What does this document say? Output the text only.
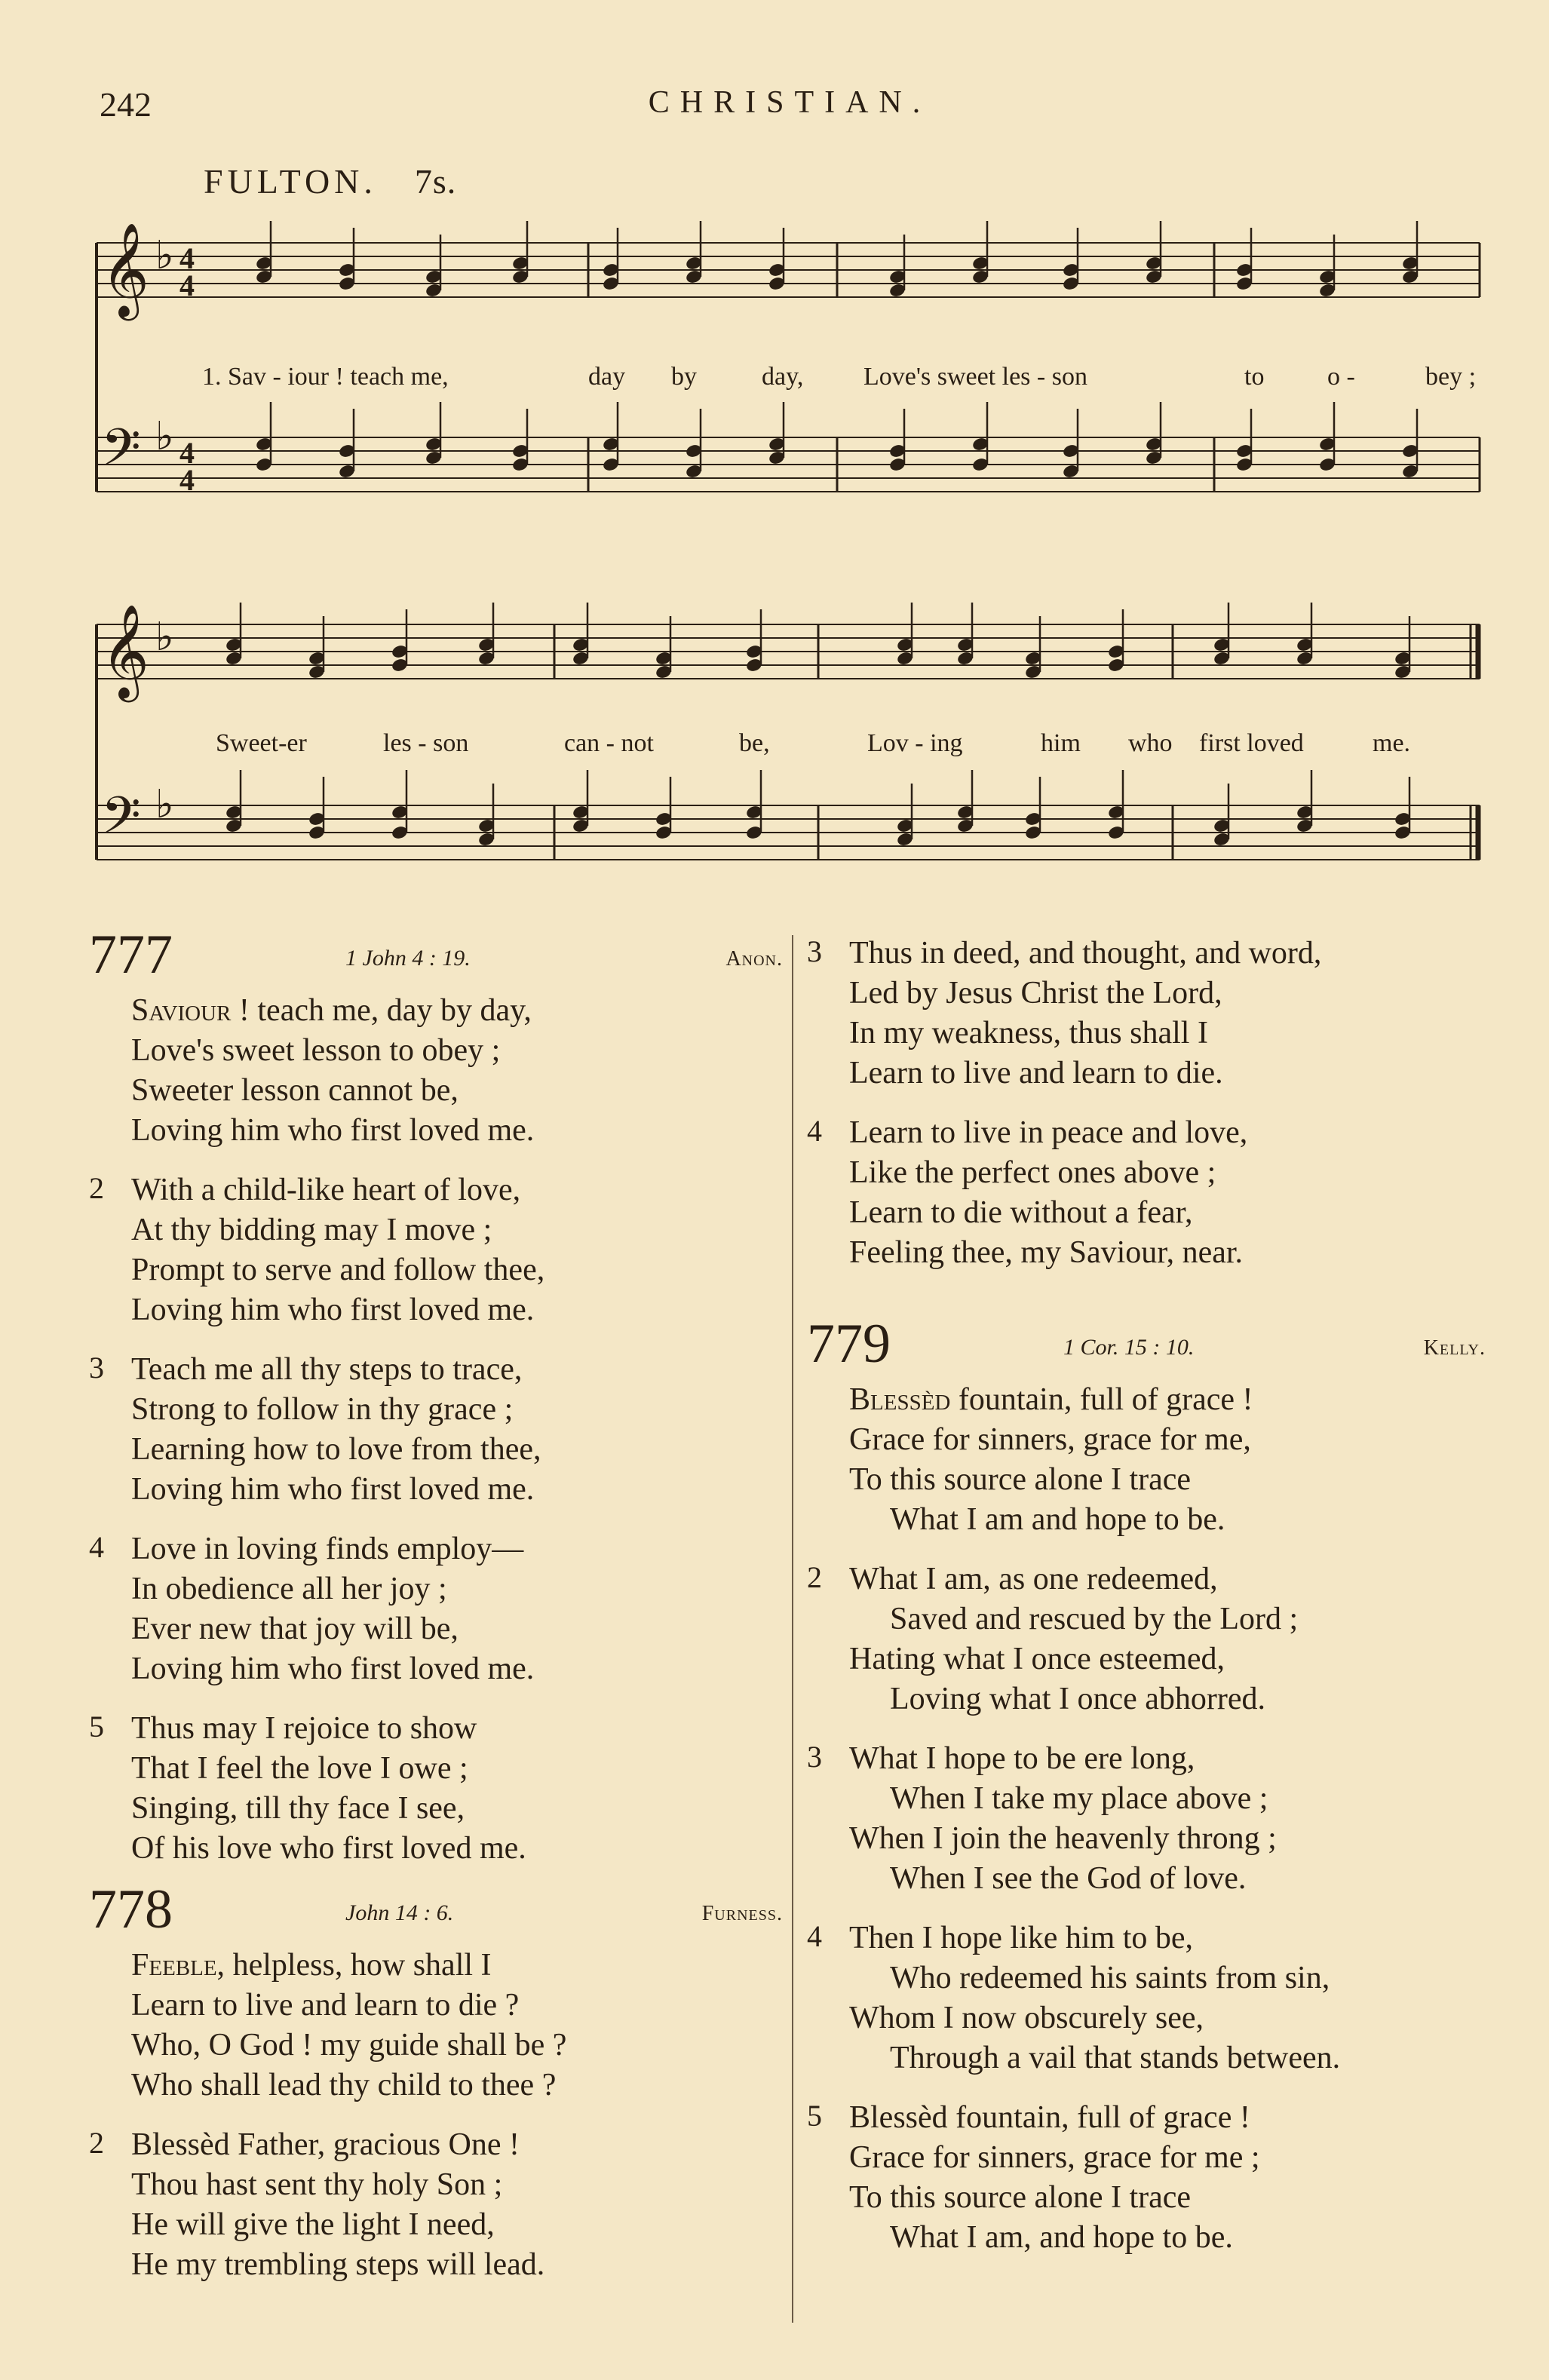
242	CHRISTIAN.
FULTON. 7s.
𝄞 ♭ 4
4
𝄢 ♭ 4
4
𝄞 ♭
𝄢 ♭
1. Sav - iour ! teach me,	day by	day, Love's sweet les - son	to o -	bey ;
Sweet-er	les - son	can - not	be,	Lov - ing	him who first loved	me.
777	1 John 4 : 19.	Anon.
Saviour ! teach me, day by day,
Love's sweet lesson to obey ;
Sweeter lesson cannot be,
Loving him who first loved me.
2 With a child-like heart of love,
At thy bidding may I move ;
Prompt to serve and follow thee,
Loving him who first loved me.
3 Teach me all thy steps to trace,
Strong to follow in thy grace ;
Learning how to love from thee,
Loving him who first loved me.
4 Love in loving finds employ—
In obedience all her joy ;
Ever new that joy will be,
Loving him who first loved me.
5 Thus may I rejoice to show
That I feel the love I owe ;
Singing, till thy face I see,
Of his love who first loved me.
778	John 14 : 6.	Furness.
Feeble, helpless, how shall I
Learn to live and learn to die ?
Who, O God ! my guide shall be ?
Who shall lead thy child to thee ?
2 Blessèd Father, gracious One !
Thou hast sent thy holy Son ;
He will give the light I need,
He my trembling steps will lead.
3 Thus in deed, and thought, and word,
Led by Jesus Christ the Lord,
In my weakness, thus shall I
Learn to live and learn to die.
4 Learn to live in peace and love,
Like the perfect ones above ;
Learn to die without a fear,
Feeling thee, my Saviour, near.
779	1 Cor. 15 : 10.	Kelly.
Blessèd fountain, full of grace !
Grace for sinners, grace for me,
To this source alone I trace
What I am and hope to be.
2 What I am, as one redeemed,
Saved and rescued by the Lord ;
Hating what I once esteemed,
Loving what I once abhorred.
3 What I hope to be ere long,
When I take my place above ;
When I join the heavenly throng ;
When I see the God of love.
4 Then I hope like him to be,
Who redeemed his saints from sin,
Whom I now obscurely see,
Through a vail that stands between.
5 Blessèd fountain, full of grace !
Grace for sinners, grace for me ;
To this source alone I trace
What I am, and hope to be.
